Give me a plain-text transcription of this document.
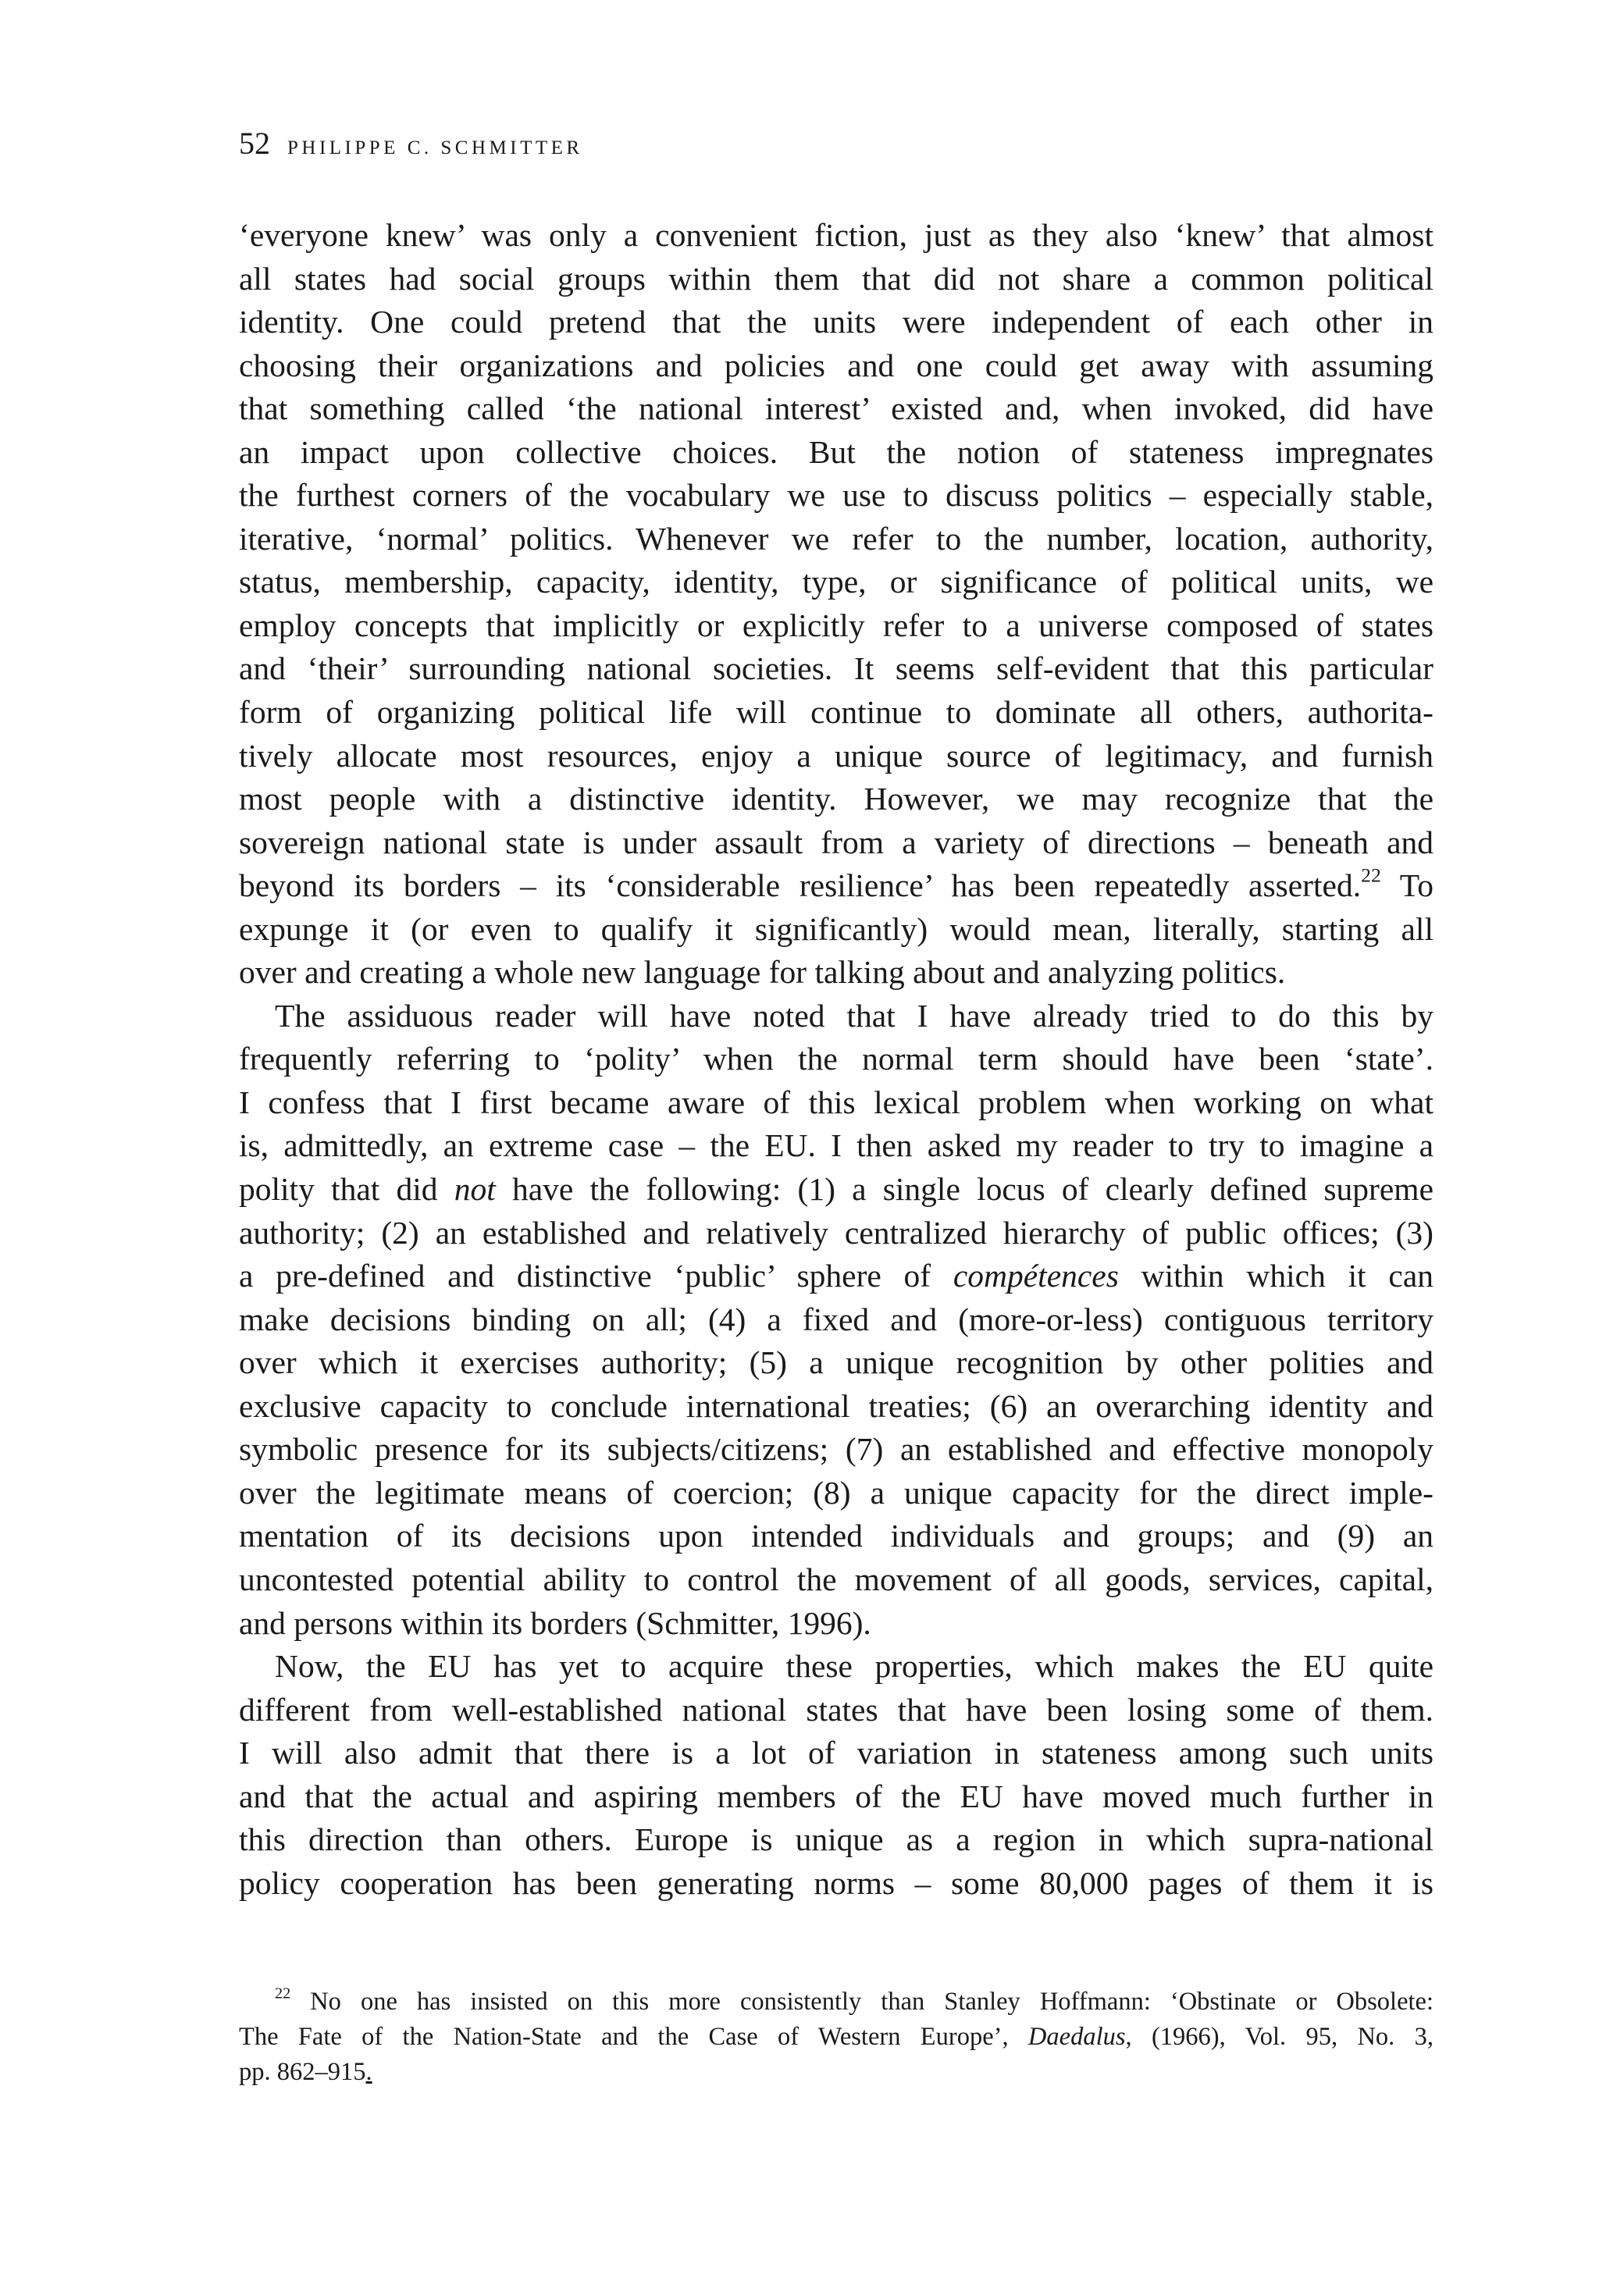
52 PHILIPPE C. SCHMITTER
‘everyone knew’ was only a convenient fiction, just as they also ‘knew’ that almost
all states had social groups within them that did not share a common political
identity. One could pretend that the units were independent of each other in
choosing their organizations and policies and one could get away with assuming
that something called ‘the national interest’ existed and, when invoked, did have
an impact upon collective choices. But the notion of stateness impregnates
the furthest corners of the vocabulary we use to discuss politics – especially stable,
iterative, ‘normal’ politics. Whenever we refer to the number, location, authority,
status, membership, capacity, identity, type, or significance of political units, we
employ concepts that implicitly or explicitly refer to a universe composed of states
and ‘their’ surrounding national societies. It seems self-evident that this particular
form of organizing political life will continue to dominate all others, authorita-
tively allocate most resources, enjoy a unique source of legitimacy, and furnish
most people with a distinctive identity. However, we may recognize that the
sovereign national state is under assault from a variety of directions – beneath and
beyond its borders – its ‘considerable resilience’ has been repeatedly asserted.$^{22}$ To
expunge it (or even to qualify it significantly) would mean, literally, starting all
over and creating a whole new language for talking about and analyzing politics.
The assiduous reader will have noted that I have already tried to do this by
frequently referring to ‘polity’ when the normal term should have been ‘state’.
I confess that I first became aware of this lexical problem when working on what
is, admittedly, an extreme case – the EU. I then asked my reader to try to imagine a
polity that did not have the following: (1) a single locus of clearly defined supreme
authority; (2) an established and relatively centralized hierarchy of public offices; (3)
a pre-defined and distinctive ‘public’ sphere of compétences within which it can
make decisions binding on all; (4) a fixed and (more-or-less) contiguous territory
over which it exercises authority; (5) a unique recognition by other polities and
exclusive capacity to conclude international treaties; (6) an overarching identity and
symbolic presence for its subjects/citizens; (7) an established and effective monopoly
over the legitimate means of coercion; (8) a unique capacity for the direct imple-
mentation of its decisions upon intended individuals and groups; and (9) an
uncontested potential ability to control the movement of all goods, services, capital,
and persons within its borders (Schmitter, 1996).
Now, the EU has yet to acquire these properties, which makes the EU quite
different from well-established national states that have been losing some of them.
I will also admit that there is a lot of variation in stateness among such units
and that the actual and aspiring members of the EU have moved much further in
this direction than others. Europe is unique as a region in which supra-national
policy cooperation has been generating norms – some 80,000 pages of them it is
$^{22}$ No one has insisted on this more consistently than Stanley Hoffmann: ‘Obstinate or Obsolete:
The Fate of the Nation-State and the Case of Western Europe’, Daedalus, (1966), Vol. 95, No. 3,
pp. 862–915.
